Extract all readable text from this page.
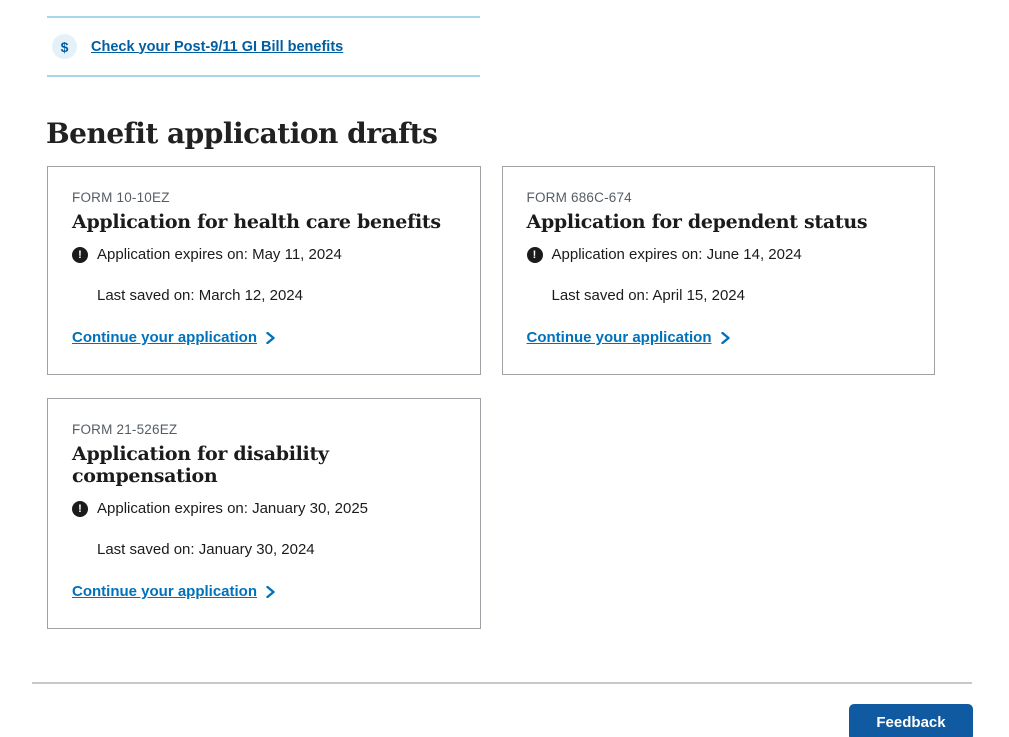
$	Check your Post-9/11 GI Bill benefits
Benefit application drafts
FORM 10-10EZ
Application for health care benefits
!	Application expires on: May 11, 2024
Last saved on: March 12, 2024
Continue your application
FORM 686C-674
Application for dependent status
!	Application expires on: June 14, 2024
Last saved on: April 15, 2024
Continue your application
FORM 21-526EZ
Application for disability compensation
!	Application expires on: January 30, 2025
Last saved on: January 30, 2024
Continue your application
Feedback
